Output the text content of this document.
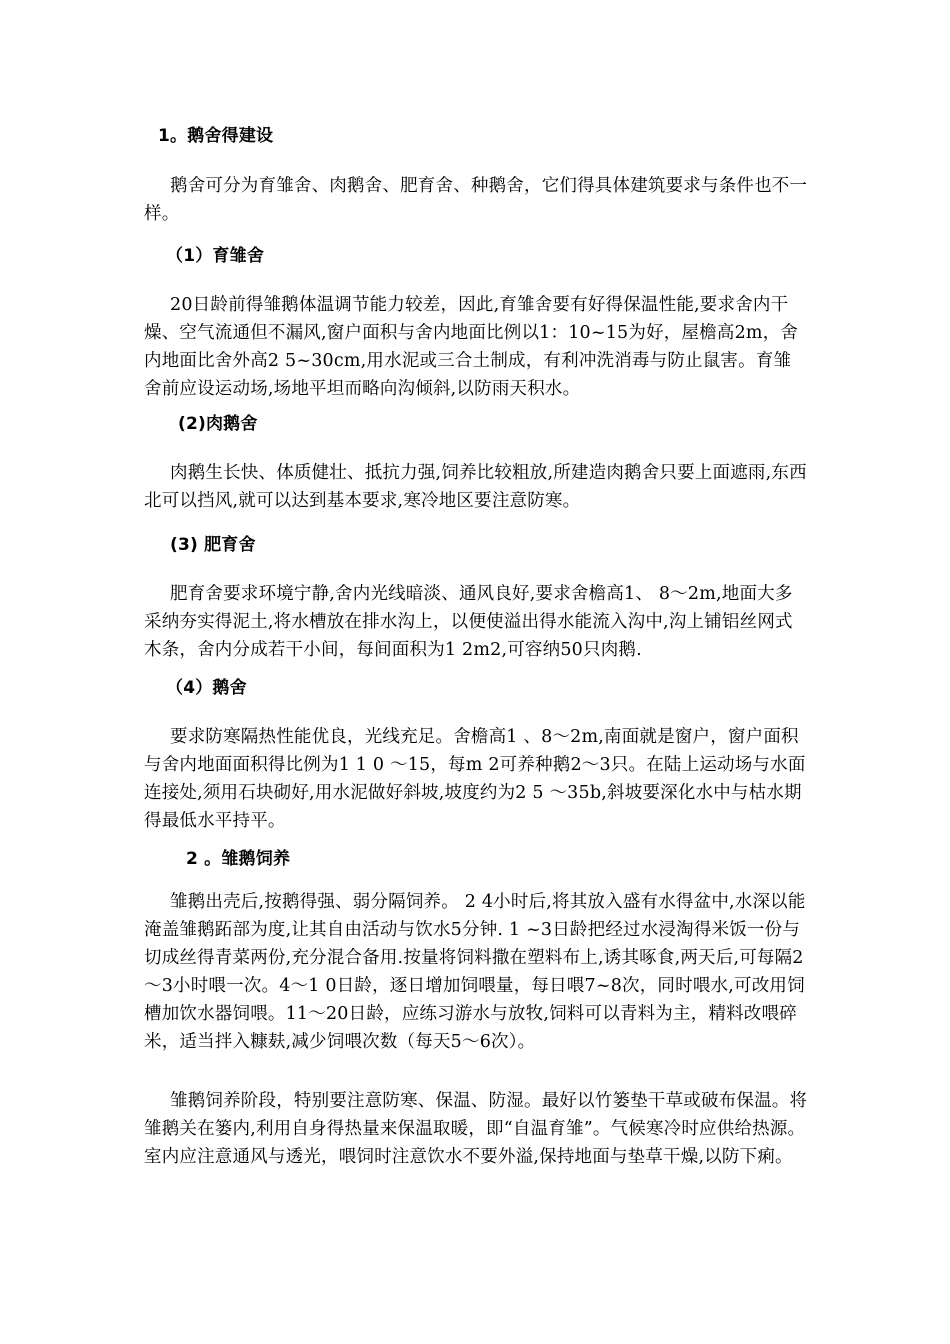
1。鹅舍得建设
鹅舍可分为育雏舍、肉鹅舍、肥育舍、种鹅舍，它们得具体建筑要求与条件也不一样。
（1）育雏舍
20日龄前得雏鹅体温调节能力较差，因此,育雏舍要有好得保温性能,要求舍内干燥、空气流通但不漏风,窗户面积与舍内地面比例以1：10~15为好，屋檐高2m，舍内地面比舍外高2 5~30cm,用水泥或三合土制成，有利冲洗消毒与防止鼠害。育雏舍前应设运动场,场地平坦而略向沟倾斜,以防雨天积水。
(2)肉鹅舍
肉鹅生长快、体质健壮、抵抗力强,饲养比较粗放,所建造肉鹅舍只要上面遮雨,东西北可以挡风,就可以达到基本要求,寒冷地区要注意防寒。
(3) 肥育舍
肥育舍要求环境宁静,舍内光线暗淡、通风良好,要求舍檐高1、 8～2m,地面大多采纳夯实得泥土,将水槽放在排水沟上，以便使溢出得水能流入沟中,沟上铺铝丝网式木条，舍内分成若干小间，每间面积为1 2m2,可容纳50只肉鹅.
（4）鹅舍
要求防寒隔热性能优良，光线充足。舍檐高1 、8～2m,南面就是窗户，窗户面积与舍内地面面积得比例为1 1 0 ～15，每m 2可养种鹅2～3只。在陆上运动场与水面连接处,须用石块砌好,用水泥做好斜坡,坡度约为2 5 ～35b,斜坡要深化水中与枯水期得最低水平持平。
2 。雏鹅饲养
雏鹅出壳后,按鹅得强、弱分隔饲养。 2 4小时后,将其放入盛有水得盆中,水深以能淹盖雏鹅跖部为度,让其自由活动与饮水5分钟. 1 ~3日龄把经过水浸淘得米饭一份与切成丝得青菜两份,充分混合备用.按量将饲料撒在塑料布上,诱其啄食,两天后,可每隔2～3小时喂一次。4～1 0日龄，逐日增加饲喂量，每日喂7~8次，同时喂水,可改用饲槽加饮水器饲喂。11～20日龄，应练习游水与放牧,饲料可以青料为主，精料改喂碎米，适当拌入糠麸,减少饲喂次数（每天5～6次）。
雏鹅饲养阶段，特别要注意防寒、保温、防湿。最好以竹篓垫干草或破布保温。将雏鹅关在篓内,利用自身得热量来保温取暖，即“自温育雏”。气候寒冷时应供给热源。室内应注意通风与透光，喂饲时注意饮水不要外溢,保持地面与垫草干燥,以防下痢。
